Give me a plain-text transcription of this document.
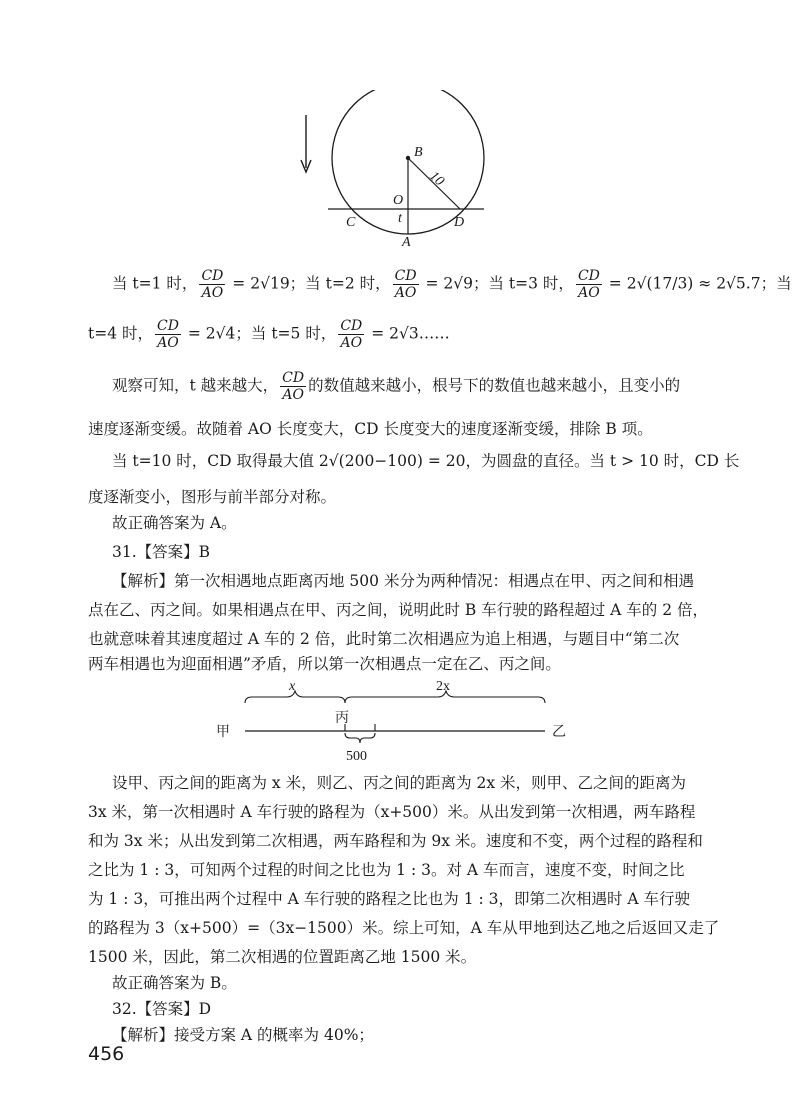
B
10
O
t
C	D
A
当 t=1 时， $\frac{CD}{AO} = 2√19$；当 t=2 时， $\frac{CD}{AO} = 2√9$；当 t=3 时， $\frac{CD}{AO} = 2√(17/3) \approx 2√5.7$；当
t=4 时， $\frac{CD}{AO} = 2√4$；当 t=5 时， $\frac{CD}{AO}$ = 2√3……
观察可知，t 越来越大， $\frac{CD}{AO}$ 的数值越来越小，根号下的数值也越来越小，且变小的
速度逐渐变缓。故随着 AO 长度变大，CD 长度变大的速度逐渐变缓，排除 B 项。
当 t=10 时，CD 取得最大值 2√(200−100) = 20，为圆盘的直径。当 t > 10 时，CD 长
度逐渐变小，图形与前半部分对称。
故正确答案为 A。
31.【答案】B
【解析】第一次相遇地点距离丙地 500 米分为两种情况：相遇点在甲、丙之间和相遇
点在乙、丙之间。如果相遇点在甲、丙之间，说明此时 B 车行驶的路程超过 A 车的 2 倍，
也就意味着其速度超过 A 车的 2 倍，此时第二次相遇应为追上相遇，与题目中“第二次
两车相遇也为迎面相遇”矛盾，所以第一次相遇点一定在乙、丙之间。
x	2x
丙
甲	乙
500
设甲、丙之间的距离为 x 米，则乙、丙之间的距离为 2x 米，则甲、乙之间的距离为
3x 米，第一次相遇时 A 车行驶的路程为（x+500）米。从出发到第一次相遇，两车路程
和为 3x 米；从出发到第二次相遇，两车路程和为 9x 米。速度和不变，两个过程的路程和
之比为 1 : 3，可知两个过程的时间之比也为 1 : 3。对 A 车而言，速度不变，时间之比
为 1 : 3，可推出两个过程中 A 车行驶的路程之比也为 1 : 3，即第二次相遇时 A 车行驶
的路程为 3（x+500）=（3x−1500）米。综上可知，A 车从甲地到达乙地之后返回又走了
1500 米，因此，第二次相遇的位置距离乙地 1500 米。
故正确答案为 B。
32.【答案】D
【解析】接受方案 A 的概率为 40%；
456
